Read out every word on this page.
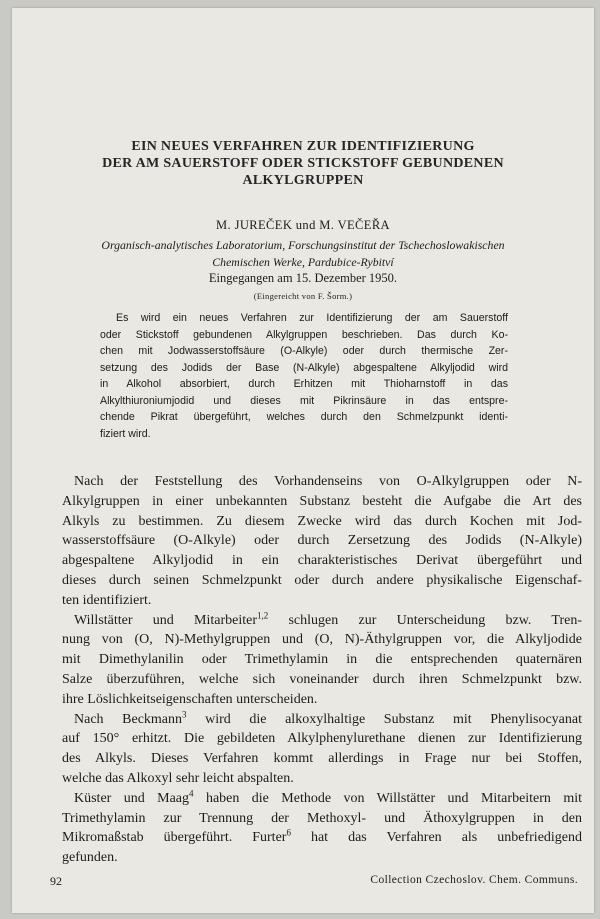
EIN NEUES VERFAHREN ZUR IDENTIFIZIERUNG
DER AM SAUERSTOFF ODER STICKSTOFF GEBUNDENEN
ALKYLGRUPPEN
M. JUREČEK und M. VEČEŘA
Organisch-analytisches Laboratorium, Forschungsinstitut der Tschechoslowakischen
Chemischen Werke, Pardubice-Rybitví
Eingegangen am 15. Dezember 1950.
(Eingereicht von F. Šorm.)
Es wird ein neues Verfahren zur Identifizierung der am Sauerstoff
oder Stickstoff gebundenen Alkylgruppen beschrieben. Das durch Ko-
chen mit Jodwasserstoffsäure (O-Alkyle) oder durch thermische Zer-
setzung des Jodids der Base (N-Alkyle) abgespaltene Alkyljodid wird
in Alkohol absorbiert, durch Erhitzen mit Thioharnstoff in das
Alkylthiuroniumjodid und dieses mit Pikrinsäure in das entspre-
chende Pikrat übergeführt, welches durch den Schmelzpunkt identi-
fiziert wird.
Nach der Feststellung des Vorhandenseins von O-Alkylgruppen oder N-
Alkylgruppen in einer unbekannten Substanz besteht die Aufgabe die Art des
Alkyls zu bestimmen. Zu diesem Zwecke wird das durch Kochen mit Jod-
wasserstoffsäure (O-Alkyle) oder durch Zersetzung des Jodids (N-Alkyle)
abgespaltene Alkyljodid in ein charakteristisches Derivat übergeführt und
dieses durch seinen Schmelzpunkt oder durch andere physikalische Eigenschaf-
ten identifiziert.
Willstätter und Mitarbeiter$^{1,2}$ schlugen zur Unterscheidung bzw. Tren-
nung von (O, N)-Methylgruppen und (O, N)-Äthylgruppen vor, die Alkyljodide
mit Dimethylanilin oder Trimethylamin in die entsprechenden quaternären
Salze überzuführen, welche sich voneinander durch ihren Schmelzpunkt bzw.
ihre Löslichkeitseigenschaften unterscheiden.
Nach Beckmann$^3$ wird die alkoxylhaltige Substanz mit Phenylisocyanat
auf 150° erhitzt. Die gebildeten Alkylphenylurethane dienen zur Identifizierung
des Alkyls. Dieses Verfahren kommt allerdings in Frage nur bei Stoffen,
welche das Alkoxyl sehr leicht abspalten.
Küster und Maag$^4$ haben die Methode von Willstätter und Mitarbeitern mit
Trimethylamin zur Trennung der Methoxyl- und Äthoxylgruppen in den
Mikromaßstab übergeführt. Furter$^6$ hat das Verfahren als unbefriedigend
gefunden.
92	Collection Czechoslov. Chem. Communs.
